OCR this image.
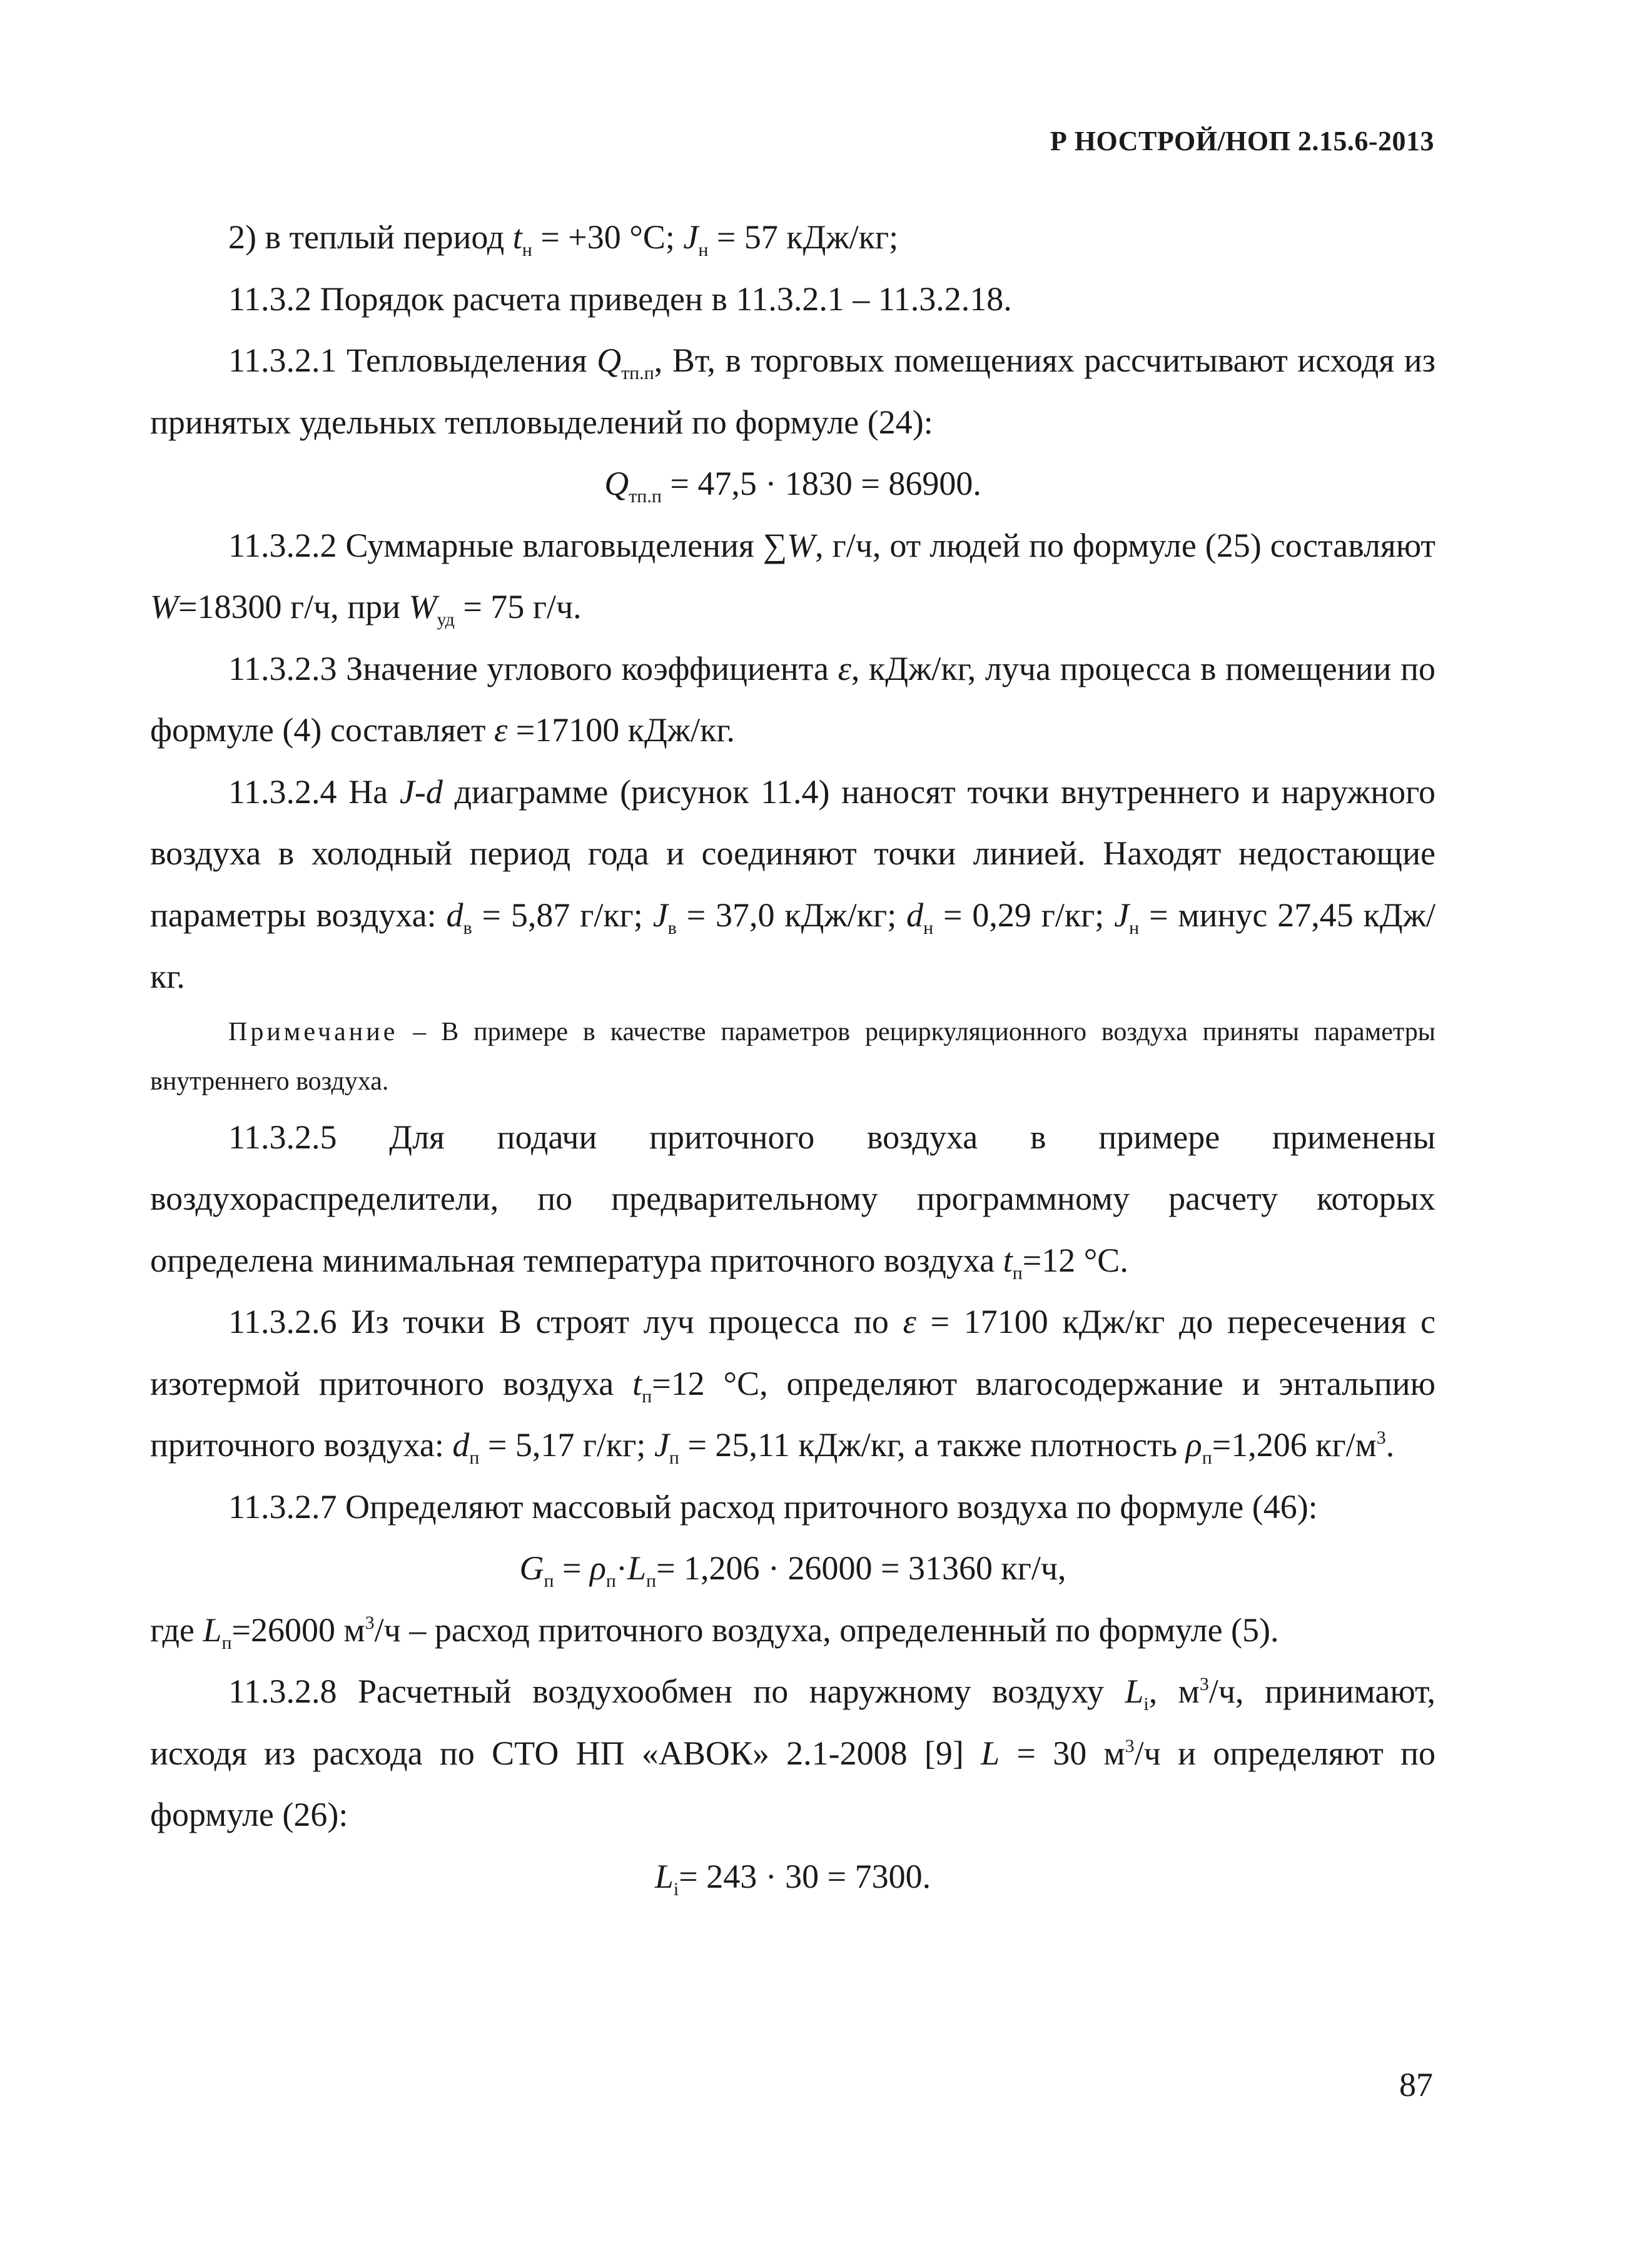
Р НОСТРОЙ/НОП 2.15.6-2013

2) в теплый период $t_н = +30$ °С; $J_н = 57$ кДж/кг;

11.3.2 Порядок расчета приведен в 11.3.2.1 – 11.3.2.18.

11.3.2.1 Тепловыделения $Q_{тп.п}$, Вт, в торговых помещениях рассчитывают исходя из принятых удельных тепловыделений по формуле (24):

$Q_{тп.п} = 47,5 \cdot 1830 = 86900$.

11.3.2.2 Суммарные влаговыделения ∑W, г/ч, от людей по формуле (25) составляют W=18300 г/ч, при $W_{уд} = 75$ г/ч.

11.3.2.3 Значение углового коэффициента ε, кДж/кг, луча процесса в помещении по формуле (4) составляет ε =17100 кДж/кг.

11.3.2.4 На J-d диаграмме (рисунок 11.4) наносят точки внутреннего и наружного воздуха в холодный период года и соединяют точки линией. Находят недостающие параметры воздуха: $d_в = 5,87$ г/кг; $J_в = 37,0$ кДж/кг; $d_н = 0,29$ г/кг; $J_н$ = минус 27,45 кДж/кг.

Примечание – В примере в качестве параметров рециркуляционного воздуха приняты параметры внутреннего воздуха.

11.3.2.5 Для подачи приточного воздуха в примере применены воздухораспределители, по предварительному программному расчету которых определена минимальная температура приточного воздуха $t_п=12$ °С.

11.3.2.6 Из точки В строят луч процесса по ε = 17100 кДж/кг до пересечения с изотермой приточного воздуха $t_п=12$ °С, определяют влагосодержание и энтальпию приточного воздуха: $d_п = 5,17$ г/кг; $J_п = 25,11$ кДж/кг, а также плотность $\rho_п=1,206$ $кг/м^3$.

11.3.2.7 Определяют массовый расход приточного воздуха по формуле (46):

$G_п = \rho_п\cdot L_п= 1,206 \cdot 26000 = 31360$ кг/ч,

где $L_п=26000$ $м^3/ч$ – расход приточного воздуха, определенный по формуле (5).

11.3.2.8 Расчетный воздухообмен по наружному воздуху $L_i$, $м^3/ч$, принимают, исходя из расхода по СТО НП «АВОК» 2.1-2008 [9] L = 30 $м^3/ч$ и определяют по формуле (26):

$L_i= 243 \cdot 30 = 7300$.

87
